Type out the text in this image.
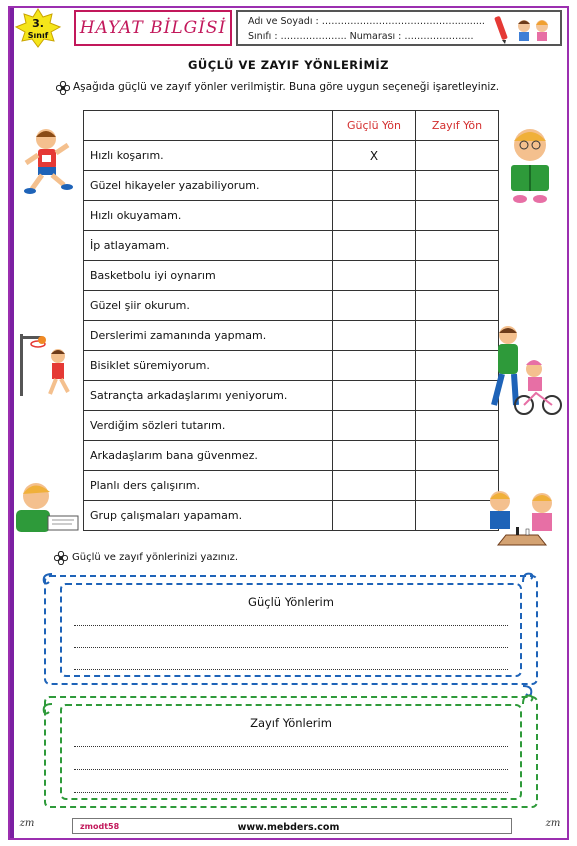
3.
Sınıf	HAYAT BİLGİSİ Adı ve Soyadı : ……………………………………..........
Sınıfı : …………….….. Numarası : ………………....
GÜÇLÜ VE ZAYIF YÖNLERİMİZ
Aşağıda güçlü ve zayıf yönler verilmiştir. Buna göre uygun seçeneği işaretleyiniz.
	Güçlü Yön	Zayıf Yön
Hızlı koşarım.	X	
Güzel hikayeler yazabiliyorum.		
Hızlı okuyamam.		
İp atlayamam.		
Basketbolu iyi oynarım		
Güzel şiir okurum.		
Derslerimi zamanında yapmam.		
Bisiklet süremiyorum.		
Satrançta arkadaşlarımı yeniyorum.		
Verdiğim sözleri tutarım.		
Arkadaşlarım bana güvenmez.		
Planlı ders çalışırım.		
Grup çalışmaları yapamam.		
Güçlü ve zayıf yönlerinizi yazınız.
Güçlü Yönlerim
Zayıf Yönlerim
zmodt58	www.mebders.com
zm	zm
